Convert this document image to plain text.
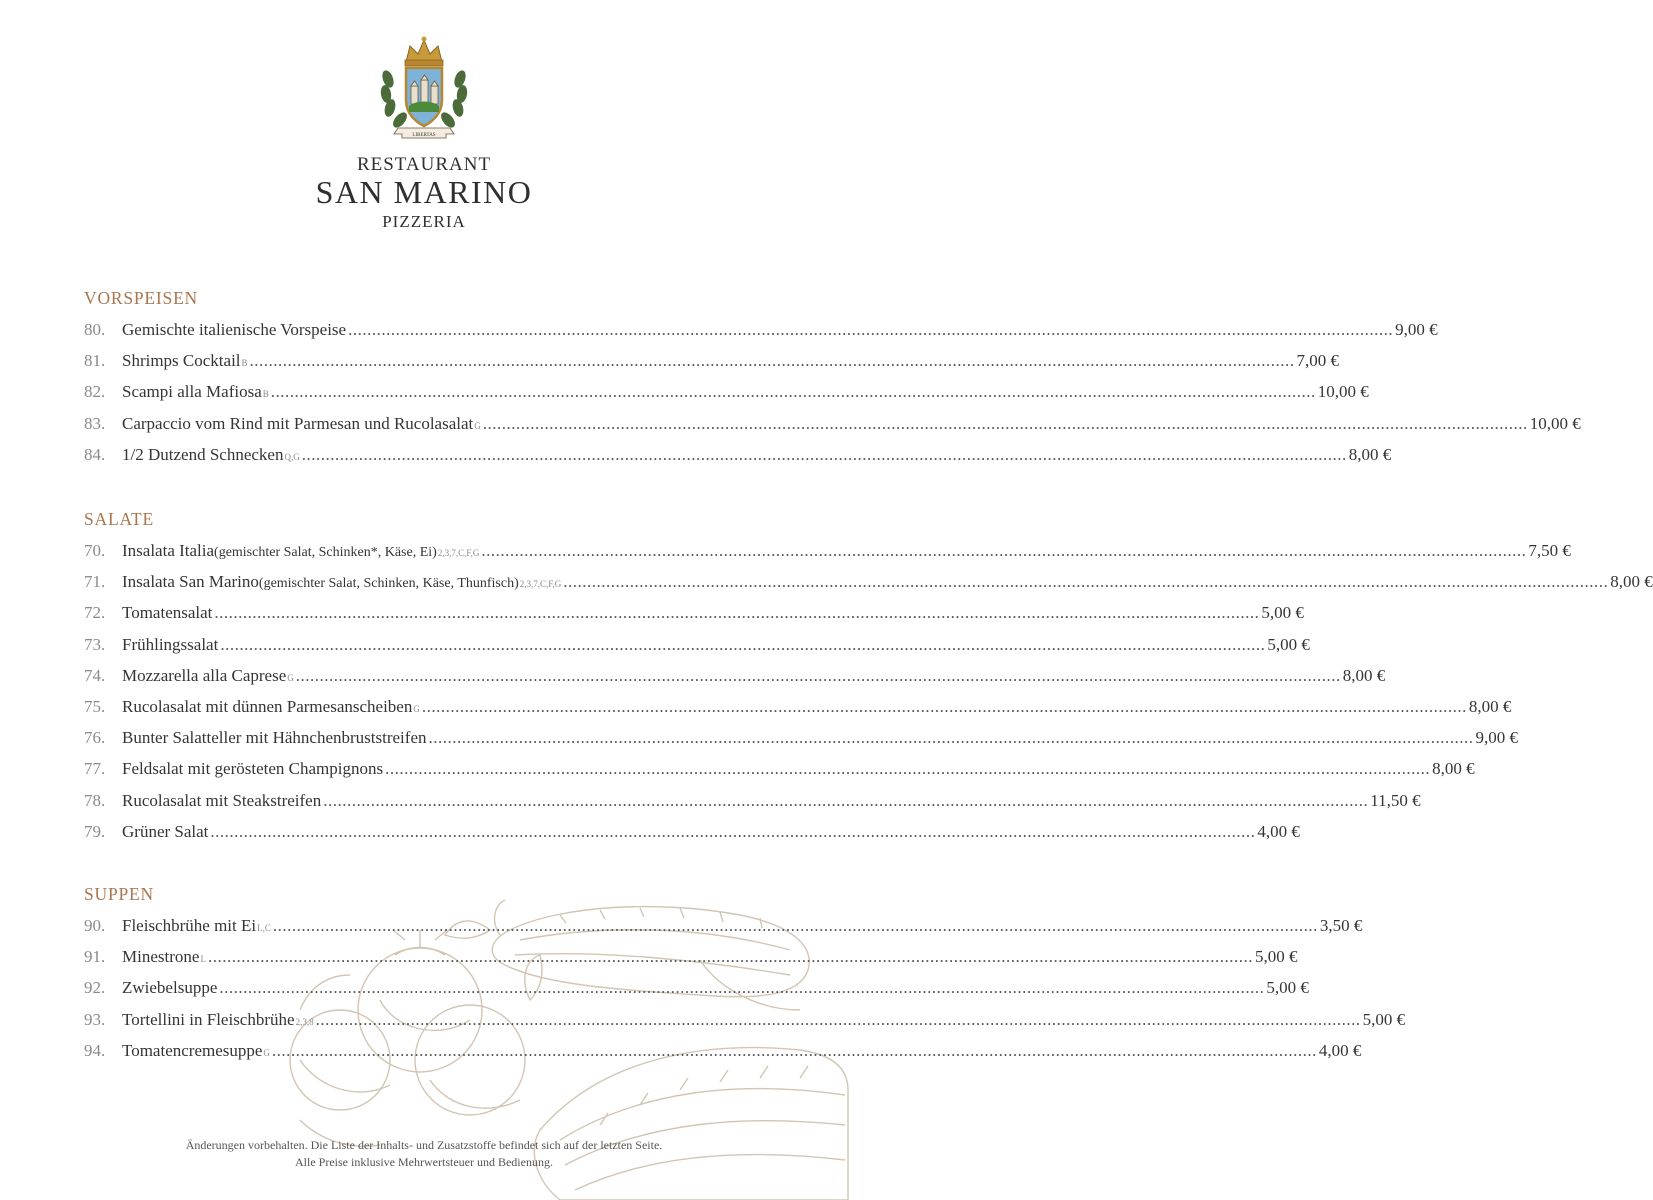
LIBERTAS
RESTAURANT
SAN MARINO
PIZZERIA
VORSPEISEN
80. Gemischte italienische Vorspeise ............................................................................................................................................................................................................................ 9,00 €
81. Shrimps Cocktail B ............................................................................................................................................................................................................................ 7,00 €
82. Scampi alla Mafiosa B ............................................................................................................................................................................................................................ 10,00 €
83. Carpaccio vom Rind mit Parmesan und Rucolasalat G ............................................................................................................................................................................................................................ 10,00 €
84. 1/2 Dutzend Schnecken Q,G ............................................................................................................................................................................................................................ 8,00 €
SALATE
70. Insalata Italia (gemischter Salat, Schinken*, Käse, Ei) 2,3,7,C,F,G ............................................................................................................................................................................................................................ 7,50 €
71. Insalata San Marino (gemischter Salat, Schinken, Käse, Thunfisch) 2,3,7,C,F,G ............................................................................................................................................................................................................................ 8,00 €
72. Tomatensalat ............................................................................................................................................................................................................................ 5,00 €
73. Frühlingssalat ............................................................................................................................................................................................................................ 5,00 €
74. Mozzarella alla Caprese G ............................................................................................................................................................................................................................ 8,00 €
75. Rucolasalat mit dünnen Parmesanscheiben G ............................................................................................................................................................................................................................ 8,00 €
76. Bunter Salatteller mit Hähnchenbruststreifen ............................................................................................................................................................................................................................ 9,00 €
77. Feldsalat mit gerösteten Champignons ............................................................................................................................................................................................................................ 8,00 €
78. Rucolasalat mit Steakstreifen ............................................................................................................................................................................................................................ 11,50 €
79. Grüner Salat ............................................................................................................................................................................................................................ 4,00 €
SUPPEN
90. Fleischbrühe mit Ei L,C ............................................................................................................................................................................................................................ 3,50 €
91. Minestrone L ............................................................................................................................................................................................................................ 5,00 €
92. Zwiebelsuppe ............................................................................................................................................................................................................................ 5,00 €
93. Tortellini in Fleischbrühe 2,3,8 ............................................................................................................................................................................................................................ 5,00 €
94. Tomatencremesuppe G ............................................................................................................................................................................................................................ 4,00 €
Änderungen vorbehalten. Die Liste der Inhalts- und Zusatzstoffe befindet sich auf der letzten Seite.
Alle Preise inklusive Mehrwertsteuer und Bedienung.
